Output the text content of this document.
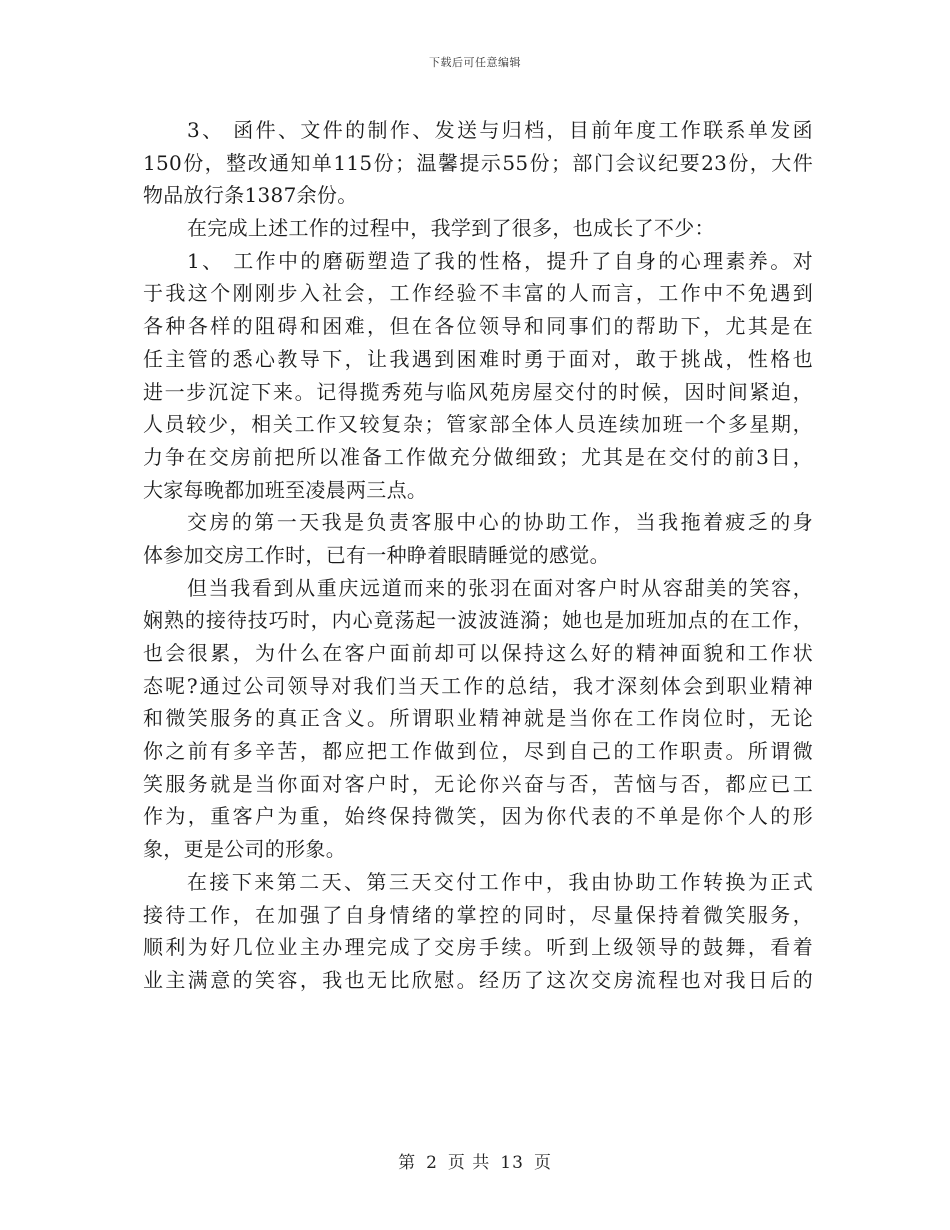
下载后可任意编辑
3、 函件、文件的制作、发送与归档，目前年度工作联系单发函
150份，整改通知单115份；温馨提示55份；部门会议纪要23份，大件
物品放行条1387余份。
在完成上述工作的过程中，我学到了很多，也成长了不少：
1、 工作中的磨砺塑造了我的性格，提升了自身的心理素养。对
于我这个刚刚步入社会，工作经验不丰富的人而言，工作中不免遇到
各种各样的阻碍和困难，但在各位领导和同事们的帮助下，尤其是在
任主管的悉心教导下，让我遇到困难时勇于面对，敢于挑战，性格也
进一步沉淀下来。记得揽秀苑与临风苑房屋交付的时候，因时间紧迫，
人员较少，相关工作又较复杂；管家部全体人员连续加班一个多星期，
力争在交房前把所以准备工作做充分做细致；尤其是在交付的前3日，
大家每晚都加班至凌晨两三点。
交房的第一天我是负责客服中心的协助工作，当我拖着疲乏的身
体参加交房工作时，已有一种睁着眼睛睡觉的感觉。
但当我看到从重庆远道而来的张羽在面对客户时从容甜美的笑容，
娴熟的接待技巧时，内心竟荡起一波波涟漪；她也是加班加点的在工作，
也会很累，为什么在客户面前却可以保持这么好的精神面貌和工作状
态呢?通过公司领导对我们当天工作的总结，我才深刻体会到职业精神
和微笑服务的真正含义。所谓职业精神就是当你在工作岗位时，无论
你之前有多辛苦，都应把工作做到位，尽到自己的工作职责。所谓微
笑服务就是当你面对客户时，无论你兴奋与否，苦恼与否，都应已工
作为，重客户为重，始终保持微笑，因为你代表的不单是你个人的形
象，更是公司的形象。
在接下来第二天、第三天交付工作中，我由协助工作转换为正式
接待工作，在加强了自身情绪的掌控的同时，尽量保持着微笑服务，
顺利为好几位业主办理完成了交房手续。听到上级领导的鼓舞，看着
业主满意的笑容，我也无比欣慰。经历了这次交房流程也对我日后的
第 2 页 共 13 页
